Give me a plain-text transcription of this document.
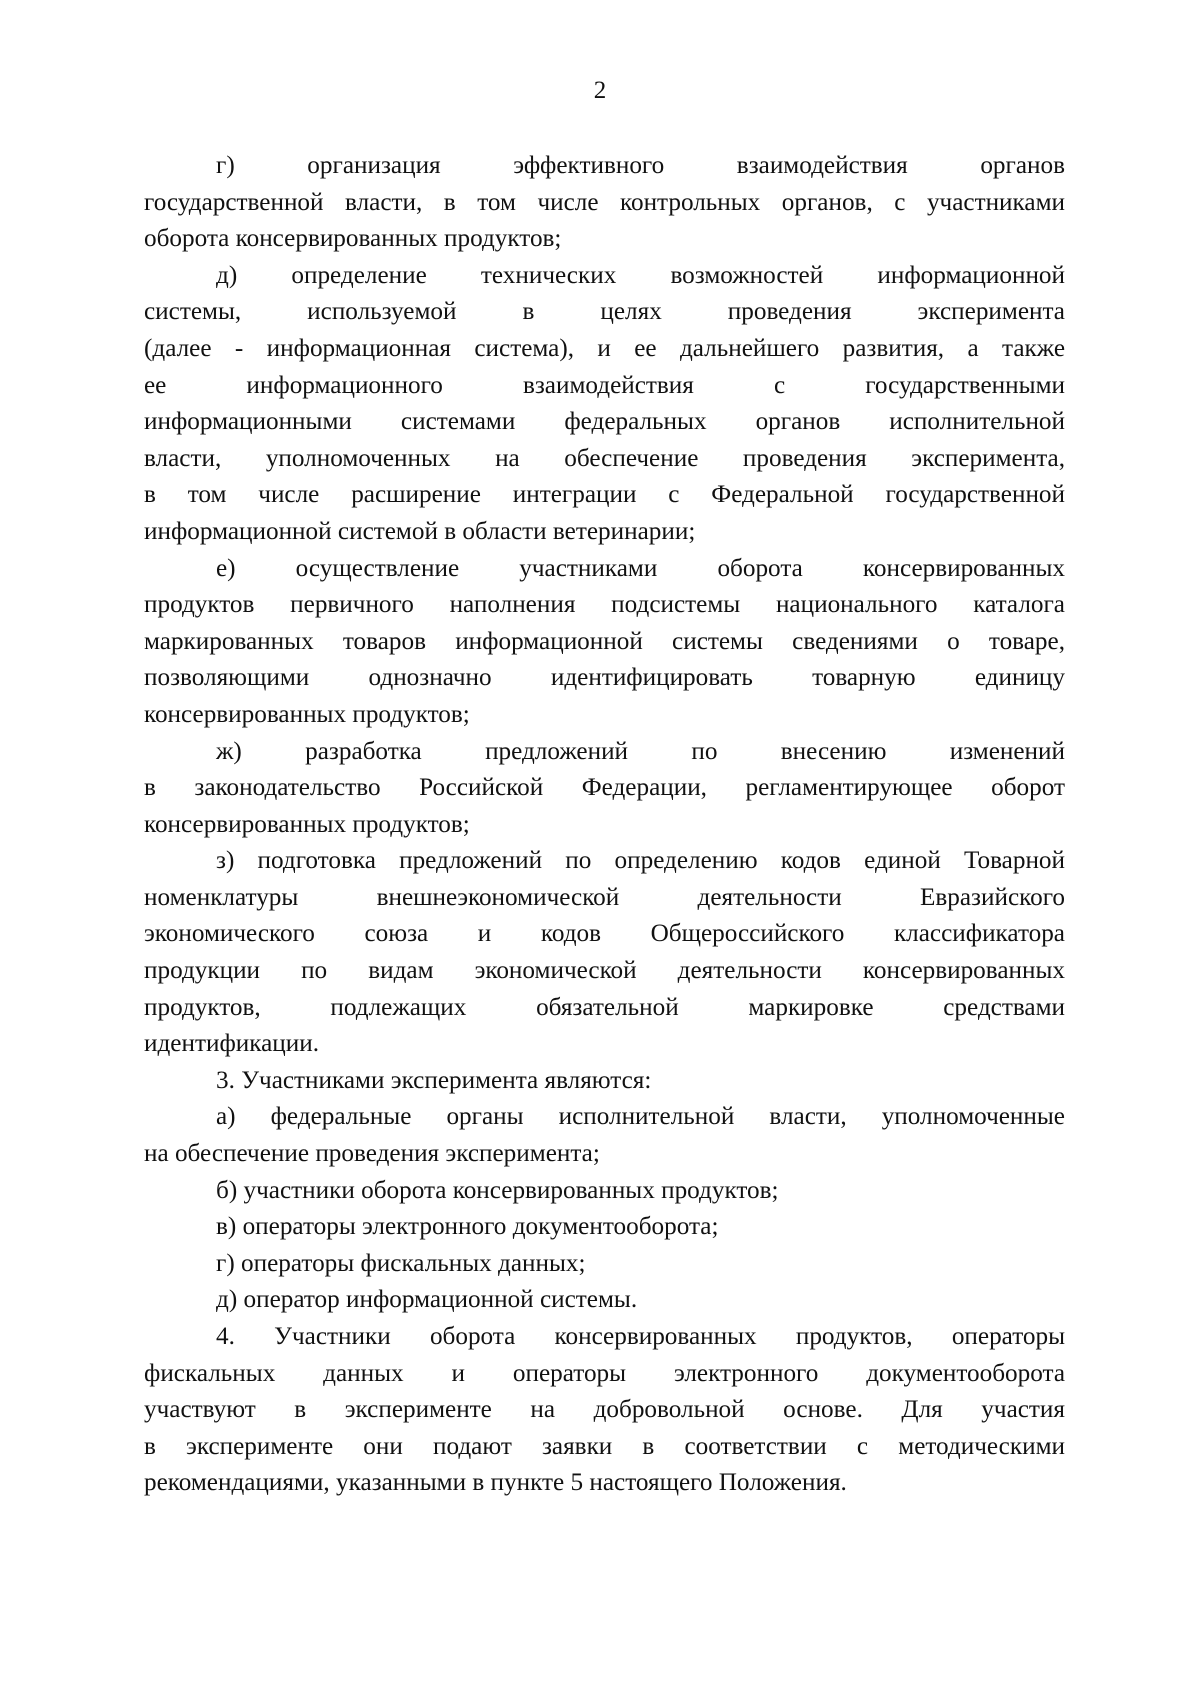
2

г) организация эффективного взаимодействия органов
государственной власти, в том числе контрольных органов, с участниками
оборота консервированных продуктов;

д) определение технических возможностей информационной
системы, используемой в целях проведения эксперимента
(далее - информационная система), и ее дальнейшего развития, а также
ее информационного взаимодействия с государственными
информационными системами федеральных органов исполнительной
власти, уполномоченных на обеспечение проведения эксперимента,
в том числе расширение интеграции с Федеральной государственной
информационной системой в области ветеринарии;

е) осуществление участниками оборота консервированных
продуктов первичного наполнения подсистемы национального каталога
маркированных товаров информационной системы сведениями о товаре,
позволяющими однозначно идентифицировать товарную единицу
консервированных продуктов;

ж) разработка предложений по внесению изменений
в законодательство Российской Федерации, регламентирующее оборот
консервированных продуктов;

з) подготовка предложений по определению кодов единой Товарной
номенклатуры внешнеэкономической деятельности Евразийского
экономического союза и кодов Общероссийского классификатора
продукции по видам экономической деятельности консервированных
продуктов, подлежащих обязательной маркировке средствами
идентификации.

3. Участниками эксперимента являются:

а) федеральные органы исполнительной власти, уполномоченные
на обеспечение проведения эксперимента;

б) участники оборота консервированных продуктов;

в) операторы электронного документооборота;

г) операторы фискальных данных;

д) оператор информационной системы.

4. Участники оборота консервированных продуктов, операторы
фискальных данных и операторы электронного документооборота
участвуют в эксперименте на добровольной основе. Для участия
в эксперименте они подают заявки в соответствии с методическими
рекомендациями, указанными в пункте 5 настоящего Положения.
